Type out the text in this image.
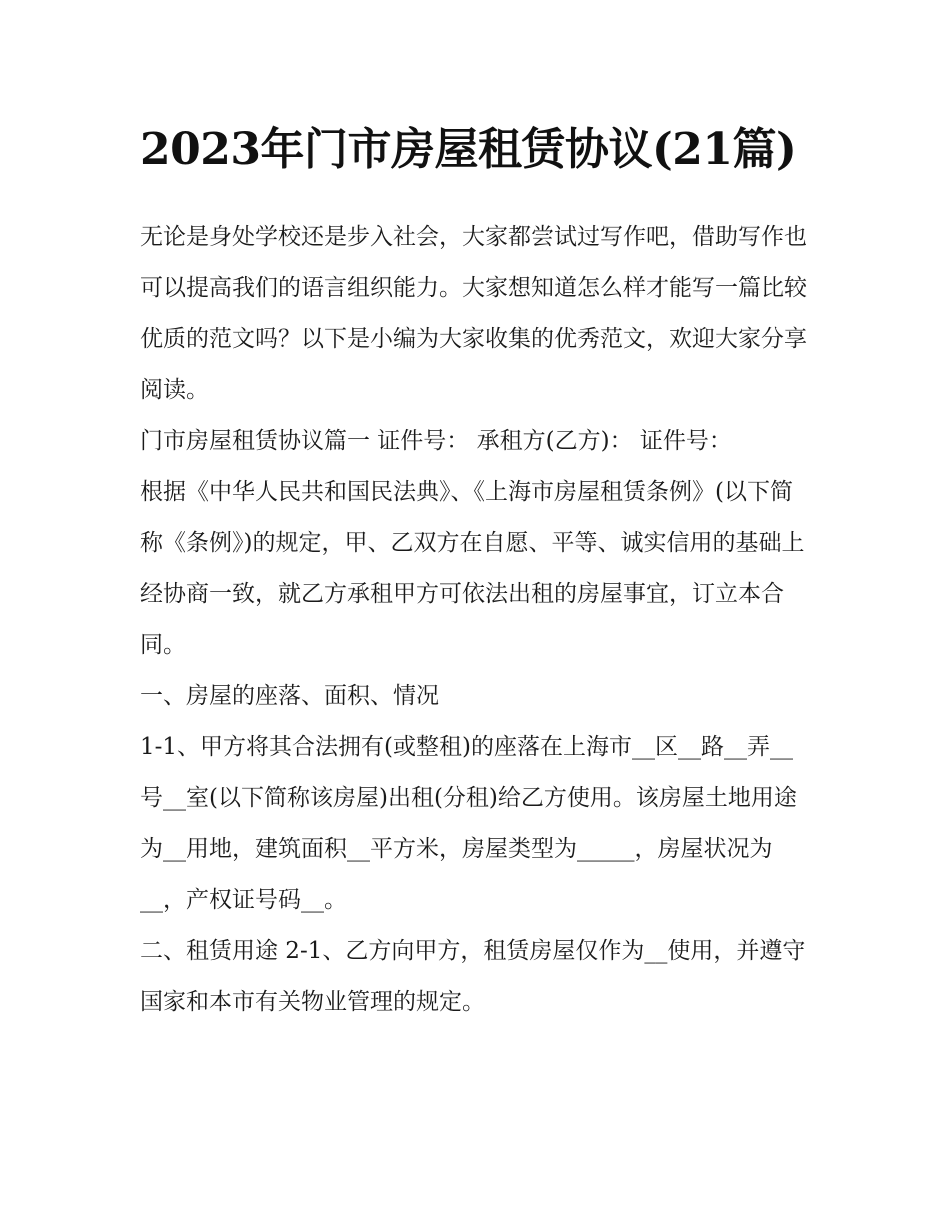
2023年门市房屋租赁协议(21篇)

无论是身处学校还是步入社会，大家都尝试过写作吧，借助写作也可以提高我们的语言组织能力。大家想知道怎么样才能写一篇比较优质的范文吗？以下是小编为大家收集的优秀范文，欢迎大家分享阅读。

门市房屋租赁协议篇一 证件号： 承租方(乙方)： 证件号：

根据《中华人民共和国民法典》、《上海市房屋租赁条例》(以下简称《条例》)的规定，甲、乙双方在自愿、平等、诚实信用的基础上经协商一致，就乙方承租甲方可依法出租的房屋事宜，订立本合同。

一、房屋的座落、面积、情况

1-1、甲方将其合法拥有(或整租)的座落在上海市__区__路__弄__号__室(以下简称该房屋)出租(分租)给乙方使用。该房屋土地用途为__用地，建筑面积__平方米，房屋类型为_____，房屋状况为__，产权证号码__。

二、租赁用途 2-1、乙方向甲方，租赁房屋仅作为__使用，并遵守国家和本市有关物业管理的规定。
